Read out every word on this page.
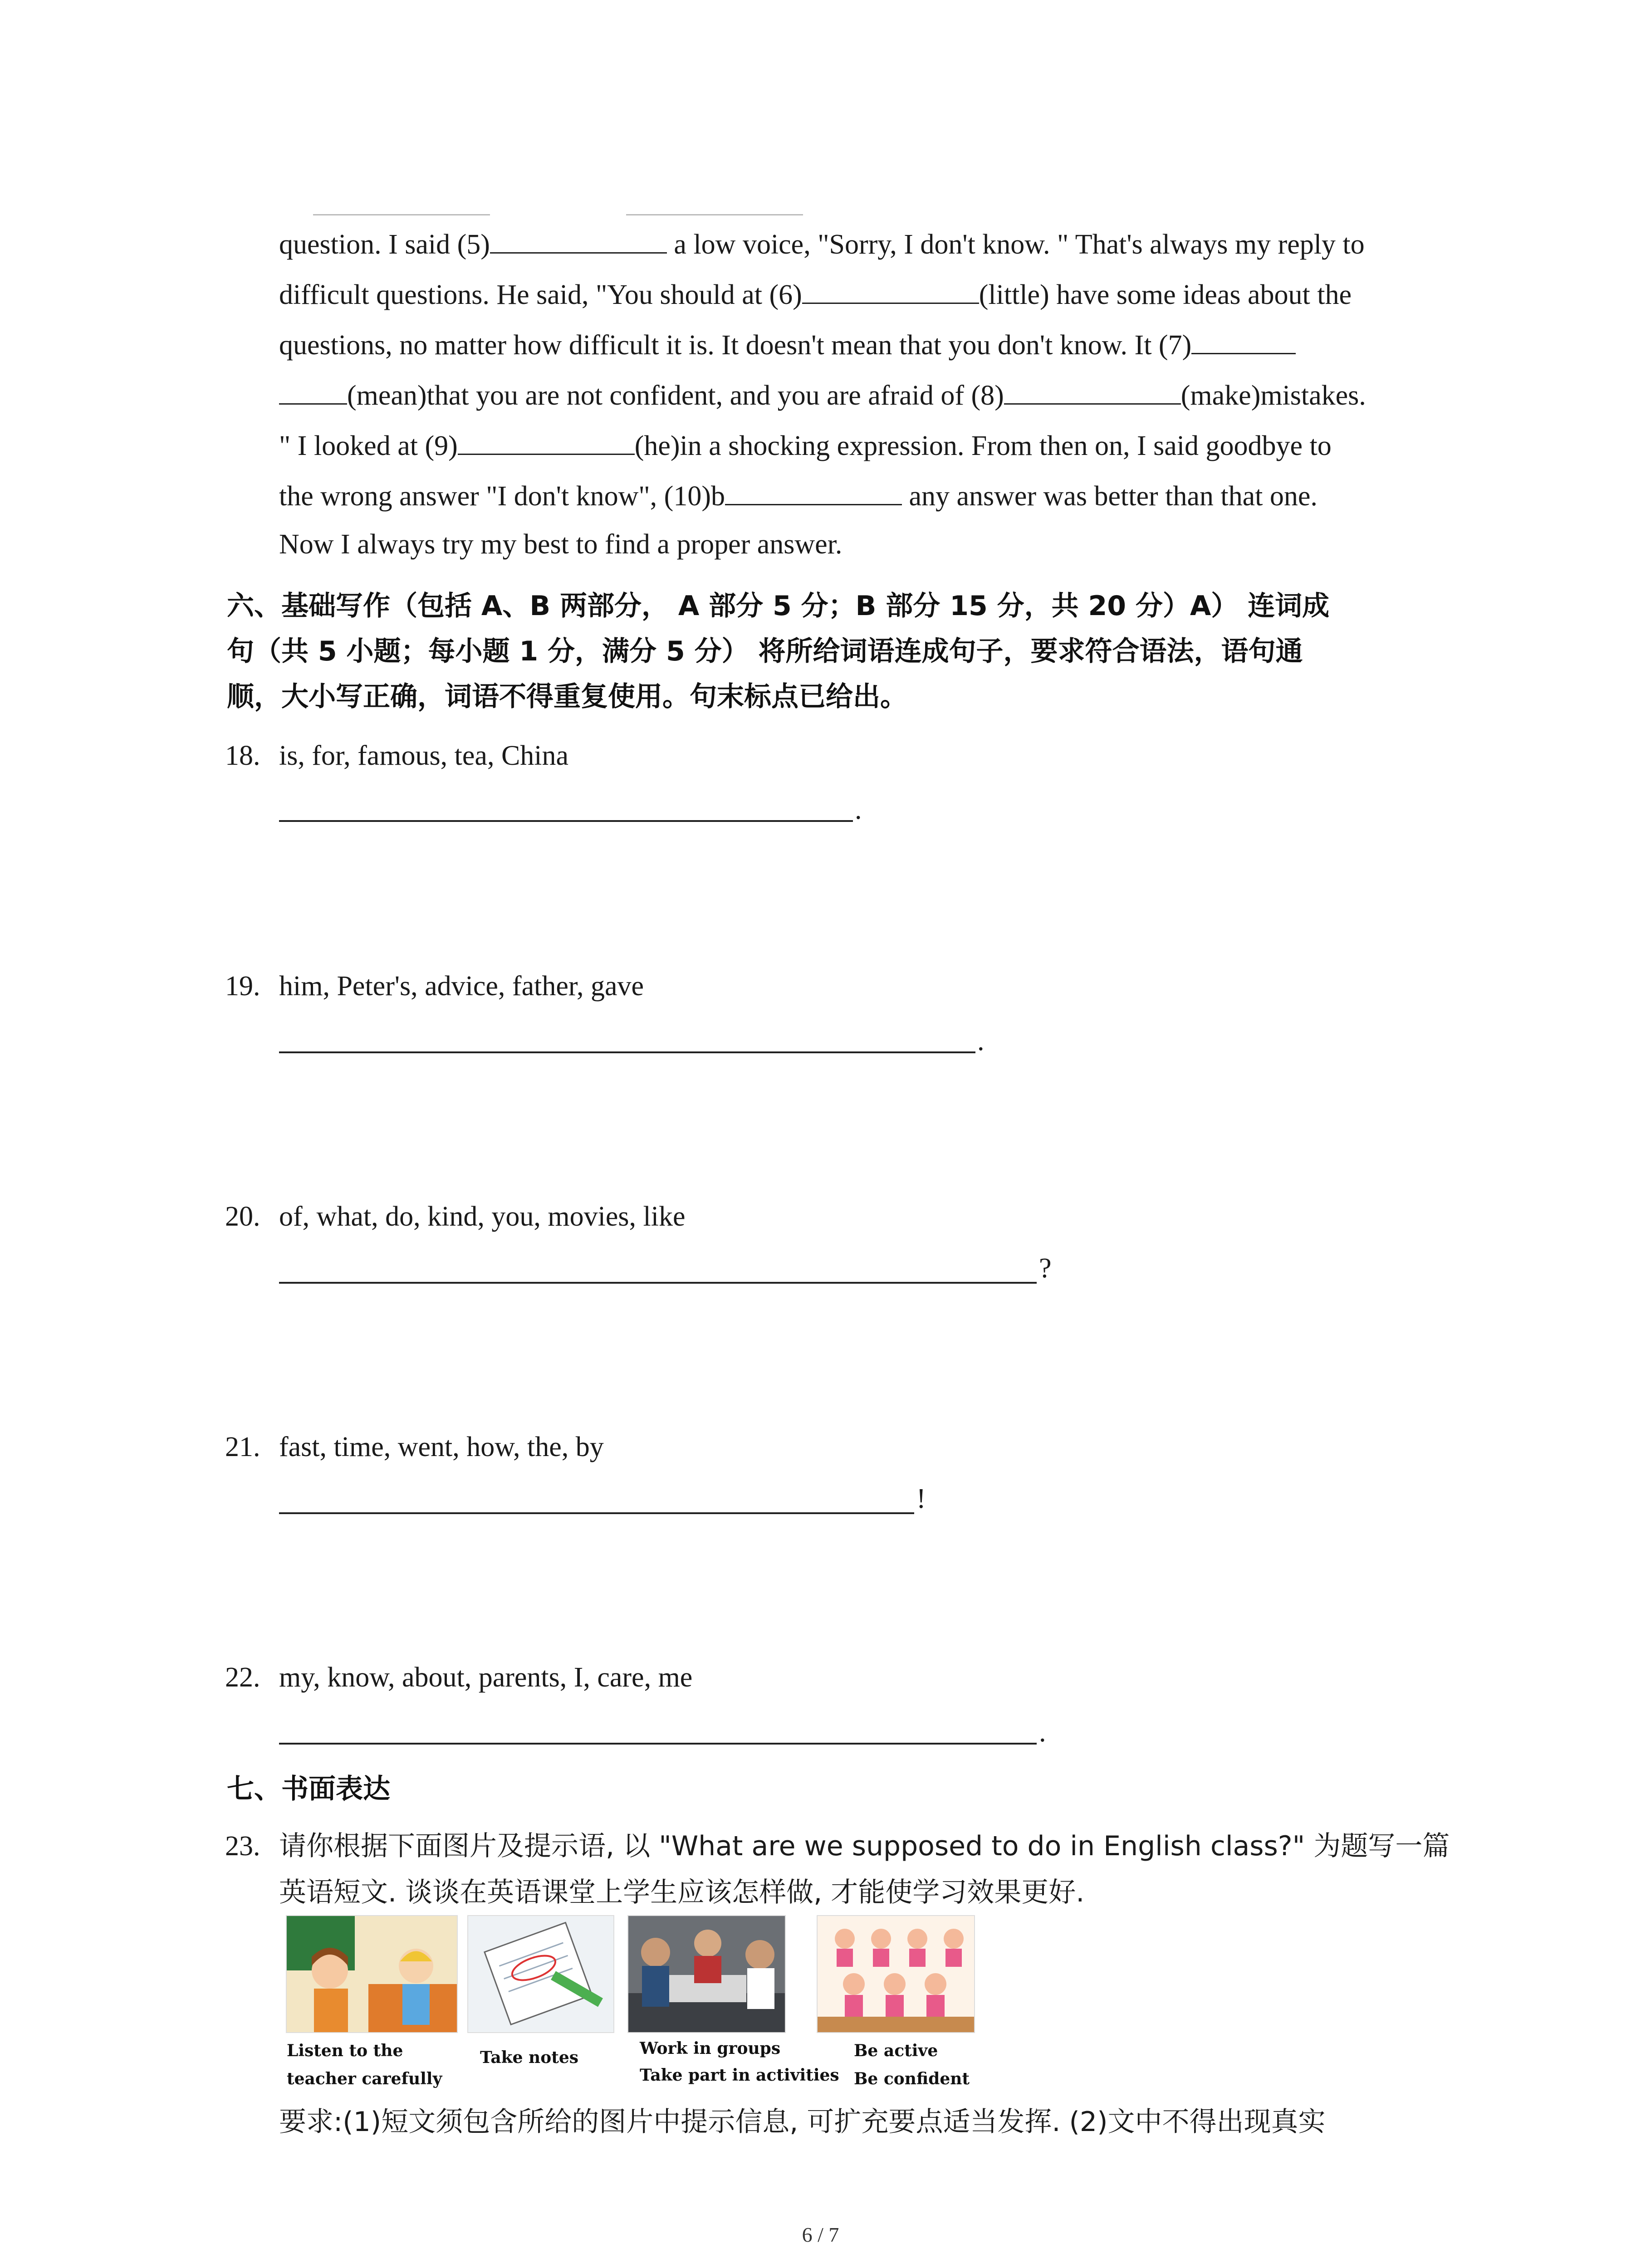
question. I said (5)	a low voice, "Sorry, I don't know. " That's always my reply to
difficult questions. He said, "You should at (6)	(little) have some ideas about the
questions, no matter how difficult it is. It doesn't mean that you don't know. It (7)
(mean)that you are not confident, and you are afraid of (8)	(make)mistakes.
" I looked at (9)	(he)in a shocking expression. From then on, I said goodbye to
the wrong answer "I don't know", (10)b	any answer was better than that one.
Now I always try my best to find a proper answer.
六、基础写作（包括 A、B 两部分， A 部分 5 分；B 部分 15 分，共 20 分）A） 连词成
句（共 5 小题；每小题 1 分，满分 5 分） 将所给词语连成句子，要求符合语法，语句通
顺，大小写正确，词语不得重复使用。句末标点已给出。
18. is, for, famous, tea, China
.
19. him, Peter's, advice, father, gave
.
20. of, what, do, kind, you, movies, like
?
21. fast, time, went, how, the, by
!
22. my, know, about, parents, I, care, me
.
七、书面表达
23. 请你根据下面图片及提示语, 以 "What are we supposed to do in English class?" 为题写一篇
英语短文. 谈谈在英语课堂上学生应该怎样做, 才能使学习效果更好.
Listen to the
teacher carefully
Take notes	Work in groups
Take part in activities
Be active
Be confident
要求:(1)短文须包含所给的图片中提示信息, 可扩充要点适当发挥. (2)文中不得出现真实
6 / 7
